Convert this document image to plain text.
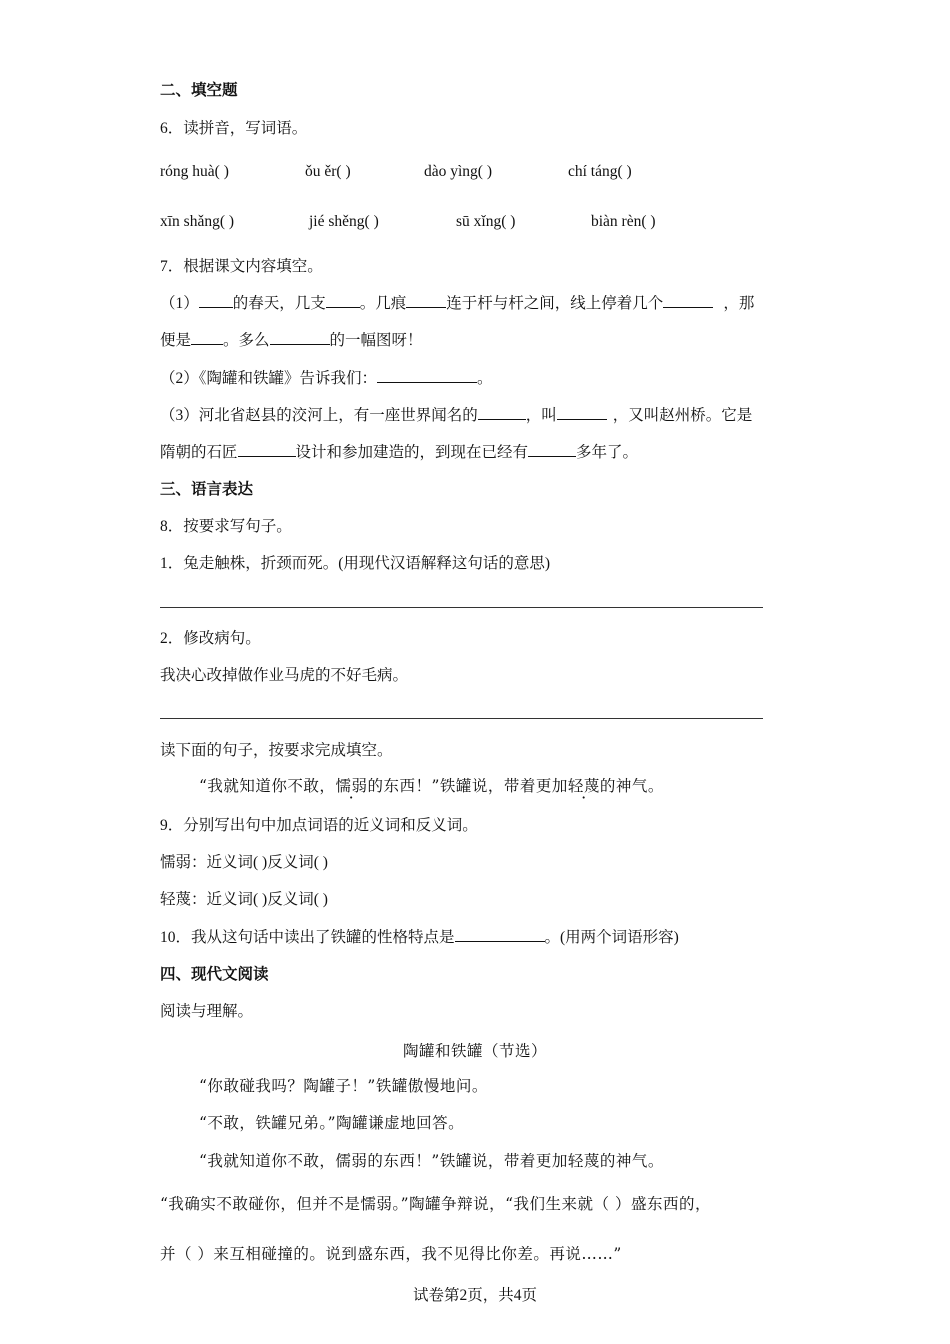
二、填空题
6．读拼音，写词语。
róng huà( )	ǒu ěr( )	dào yìng( )	chí táng( )
xīn shǎng( )	jié shěng( )	sū xǐng( )	biàn rèn( )
7．根据课文内容填空。
（1） 的春天，几支 。几痕	连于杆与杆之间，线上停着几个	，那
便是 。多么	的一幅图呀！
（2）《陶罐和铁罐》告诉我们：	。
（3）河北省赵县的洨河上，有一座世界闻名的	，叫	，又叫赵州桥。它是
隋朝的石匠	设计和参加建造的，到现在已经有	多年了。
三、语言表达
8．按要求写句子。
1．兔走触株，折颈而死。(用现代汉语解释这句话的意思)
2．修改病句。
我决心改掉做作业马虎的不好毛病。
读下面的句子，按要求完成填空。
“我就知道你不敢，懦弱的东西！”铁罐说，带着更加轻蔑的神气。
9．分别写出句中加点词语的近义词和反义词。
懦弱：近义词( )反义词( )
轻蔑：近义词( )反义词( )
10．我从这句话中读出了铁罐的性格特点是	。(用两个词语形容)
四、现代文阅读
阅读与理解。
陶罐和铁罐（节选）
“你敢碰我吗？陶罐子！”铁罐傲慢地问。
“不敢，铁罐兄弟。”陶罐谦虚地回答。
“我就知道你不敢，儒弱的东西！”铁罐说，带着更加轻蔑的神气。
“我确实不敢碰你，但并不是懦弱。”陶罐争辩说，“我们生来就（ ）盛东西的，
并（ ）来互相碰撞的。说到盛东西，我不见得比你差。再说……”
试卷第2页，共4页
